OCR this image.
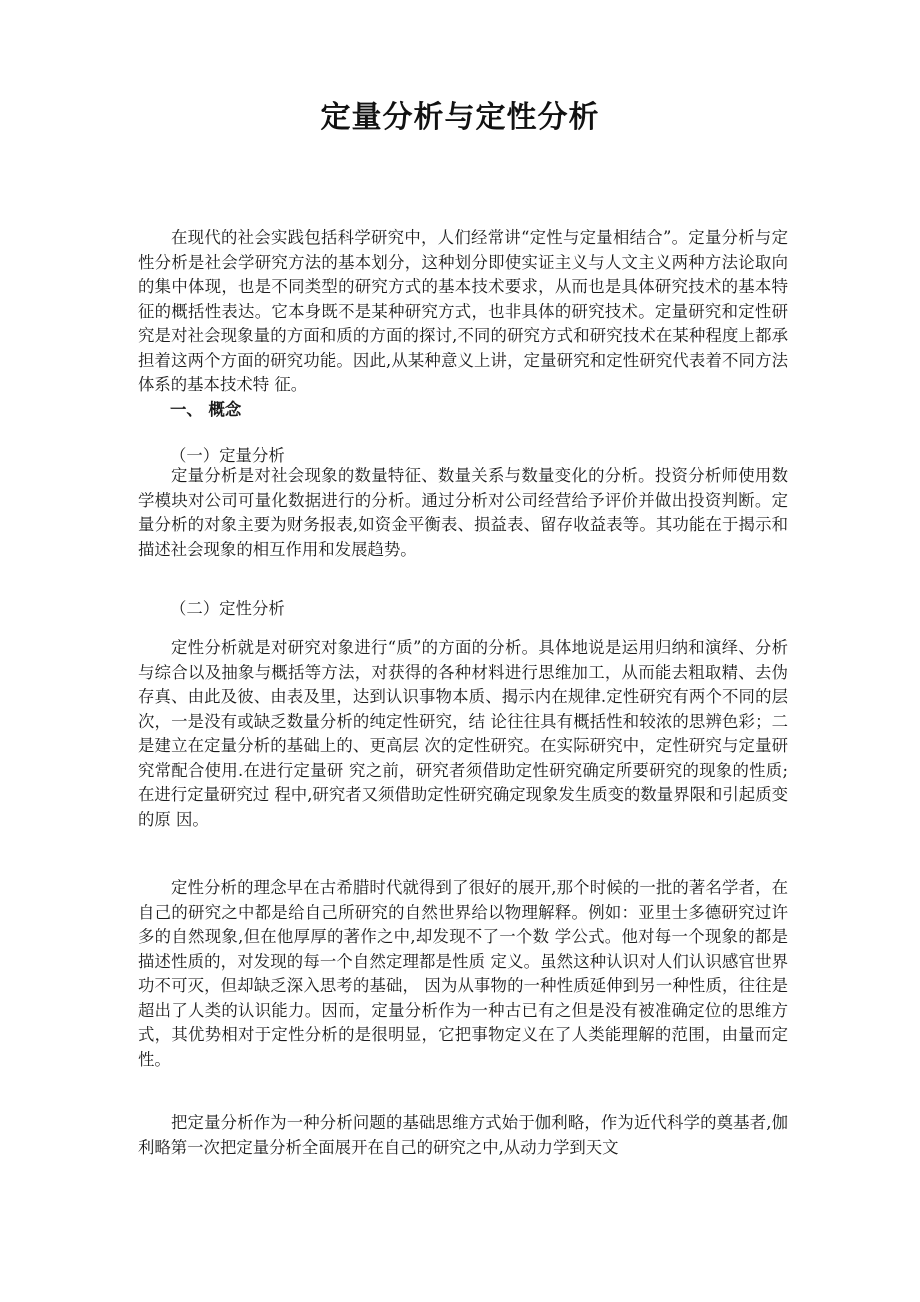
定量分析与定性分析

在现代的社会实践包括科学研究中，人们经常讲“定性与定量相结合”。定量分析与定性分析是社会学研究方法的基本划分，这种划分即使实证主义与人文主义两种方法论取向的集中体现，也是不同类型的研究方式的基本技术要求，从而也是具体研究技术的基本特征的概括性表达。它本身既不是某种研究方式，也非具体的研究技术。定量研究和定性研究是对社会现象量的方面和质的方面的探讨,不同的研究方式和研究技术在某种程度上都承担着这两个方面的研究功能。因此,从某种意义上讲，定量研究和定性研究代表着不同方法体系的基本技术特 征。

一、 概念
（一）定量分析

定量分析是对社会现象的数量特征、数量关系与数量变化的分析。投资分析师使用数学模块对公司可量化数据进行的分析。通过分析对公司经营给予评价并做出投资判断。定量分析的对象主要为财务报表,如资金平衡表、损益表、留存收益表等。其功能在于揭示和描述社会现象的相互作用和发展趋势。

（二）定性分析

定性分析就是对研究对象进行“质”的方面的分析。具体地说是运用归纳和演绎、分析与综合以及抽象与概括等方法，对获得的各种材料进行思维加工，从而能去粗取精、去伪存真、由此及彼、由表及里，达到认识事物本质、揭示内在规律.定性研究有两个不同的层次，一是没有或缺乏数量分析的纯定性研究，结 论往往具有概括性和较浓的思辨色彩；二是建立在定量分析的基础上的、更高层 次的定性研究。在实际研究中，定性研究与定量研究常配合使用.在进行定量研 究之前，研究者须借助定性研究确定所要研究的现象的性质;在进行定量研究过 程中,研究者又须借助定性研究确定现象发生质变的数量界限和引起质变的原 因。

定性分析的理念早在古希腊时代就得到了很好的展开,那个时候的一批的著名学者，在自己的研究之中都是给自己所研究的自然世界给以物理解释。例如：亚里士多德研究过许多的自然现象,但在他厚厚的著作之中,却发现不了一个数 学公式。他对每一个现象的都是描述性质的，对发现的每一个自然定理都是性质 定义。虽然这种认识对人们认识感官世界功不可灭，但却缺乏深入思考的基础， 因为从事物的一种性质延伸到另一种性质，往往是超出了人类的认识能力。因而，定量分析作为一种古已有之但是没有被准确定位的思维方式，其优势相对于定性分析的是很明显，它把事物定义在了人类能理解的范围，由量而定性。

把定量分析作为一种分析问题的基础思维方式始于伽利略，作为近代科学的奠基者,伽利略第一次把定量分析全面展开在自己的研究之中,从动力学到天文
